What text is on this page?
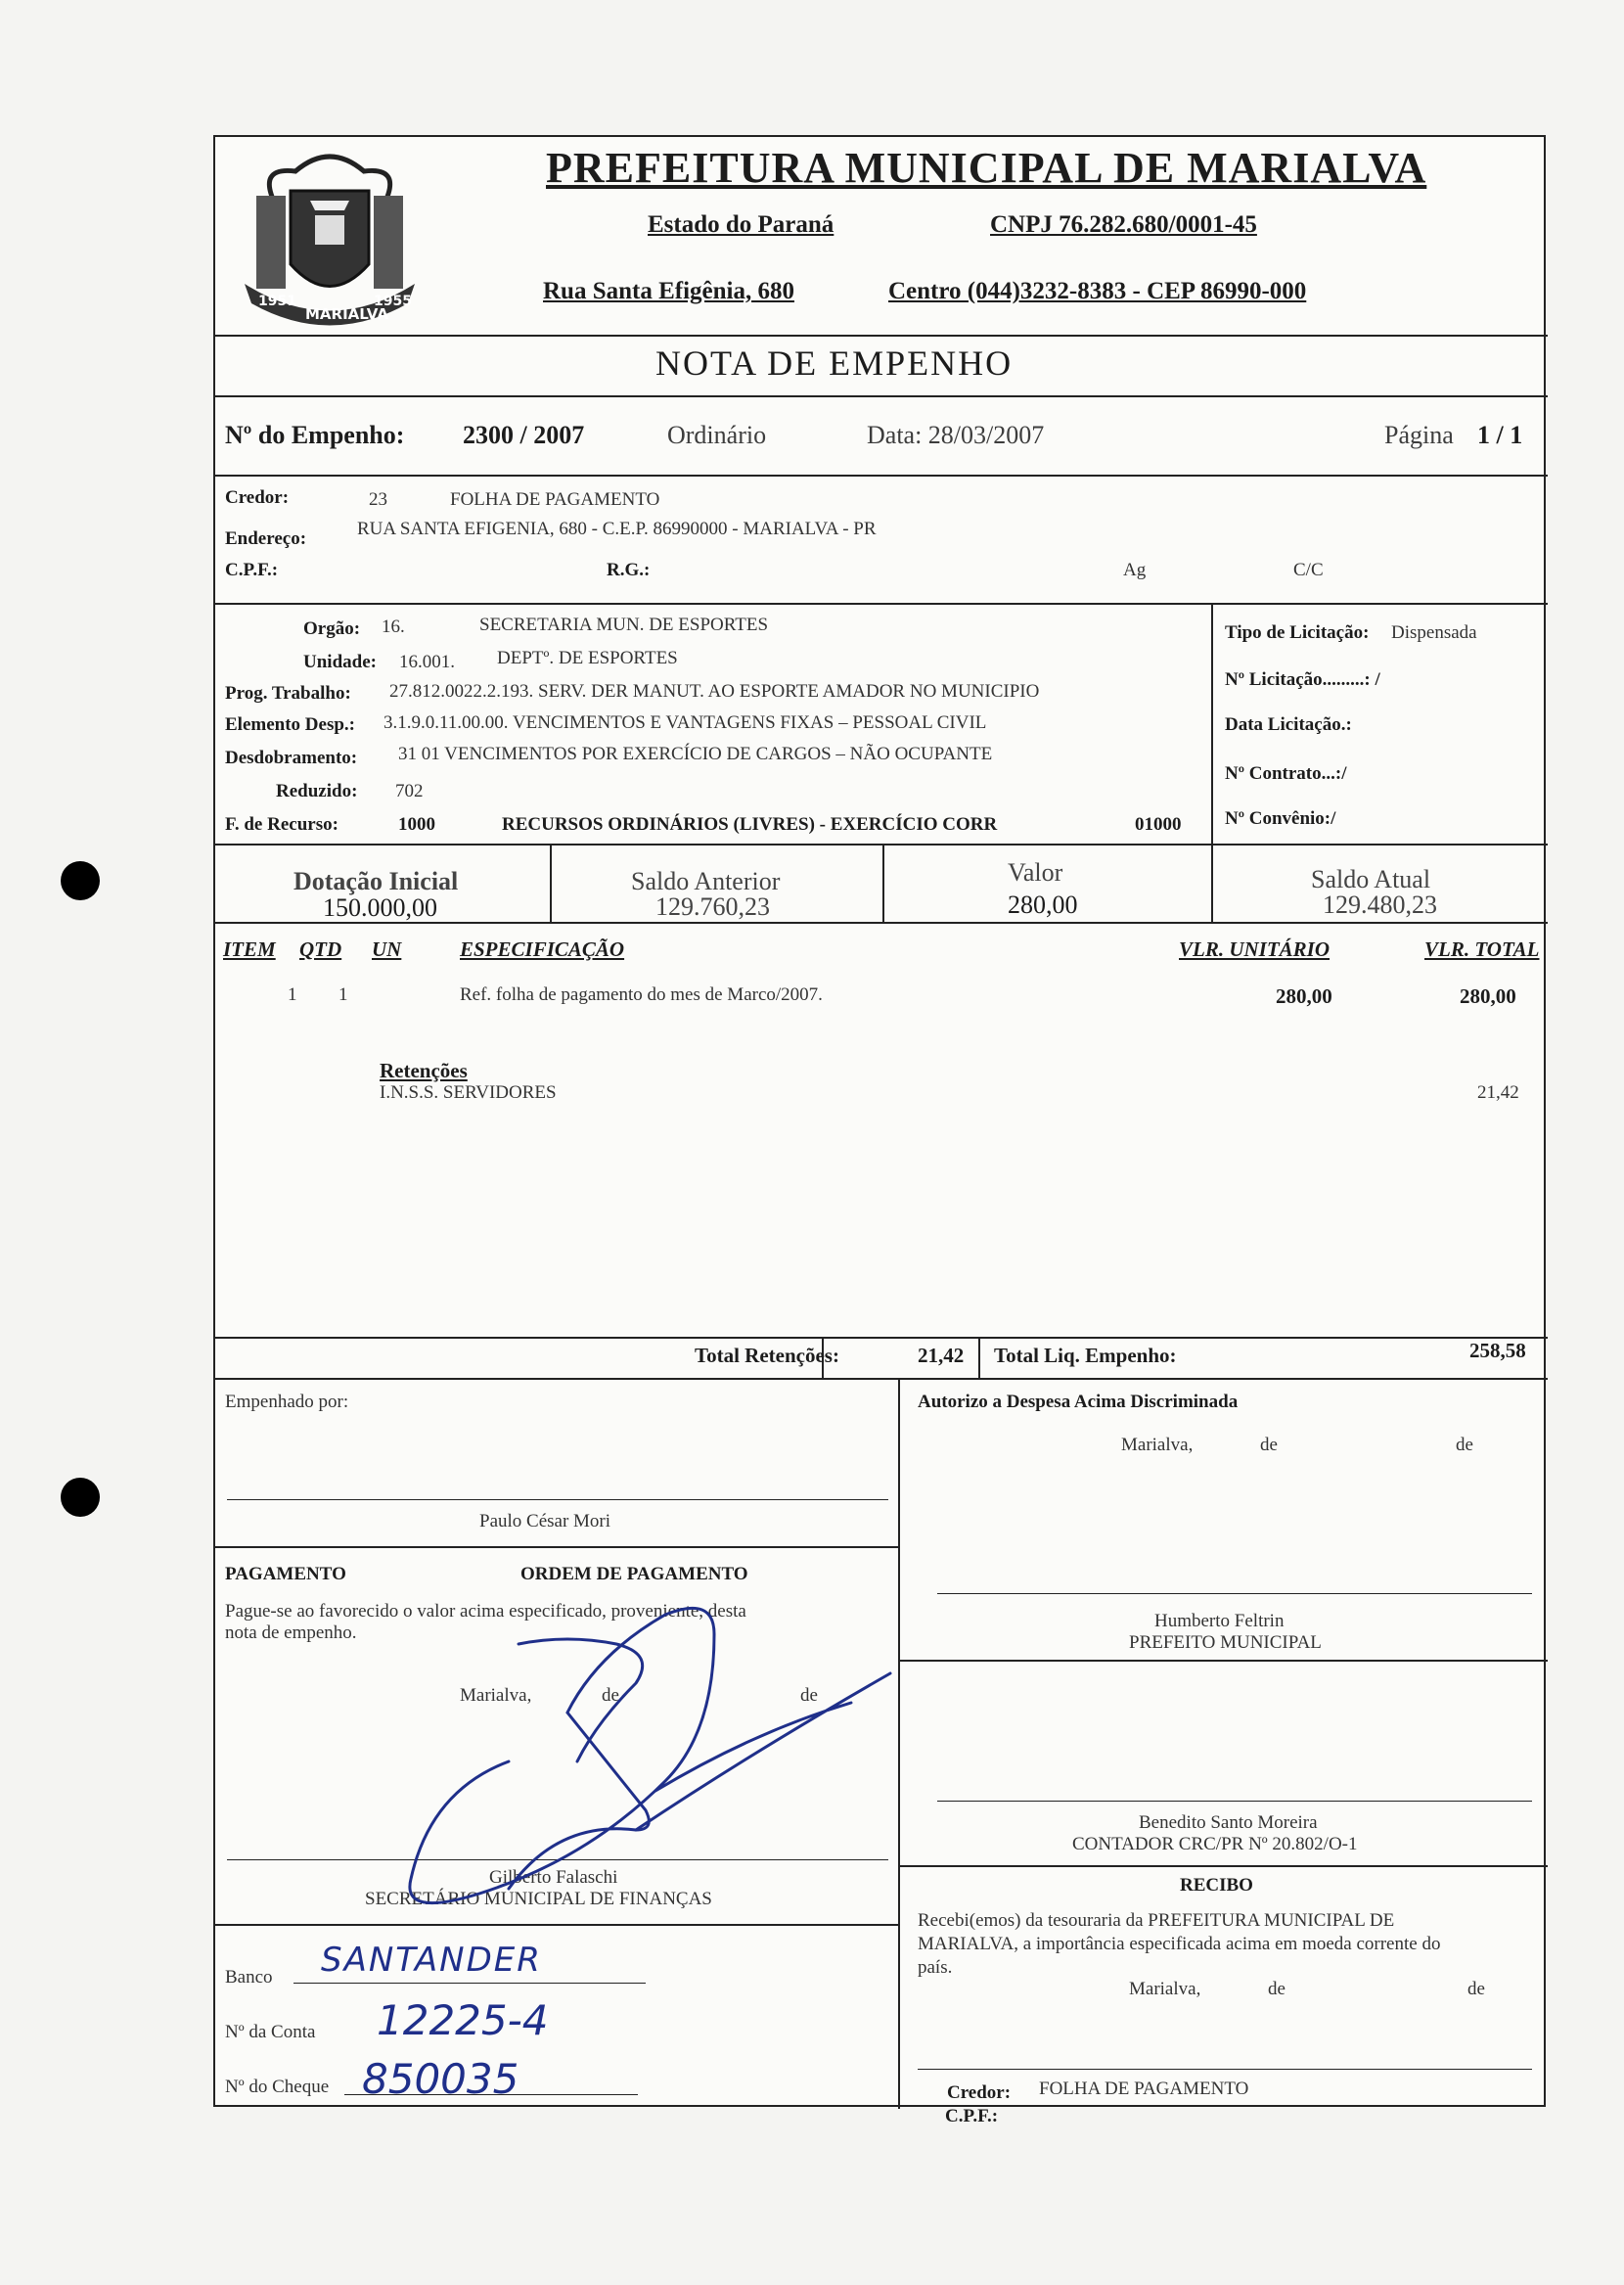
1951
MARIALVA
1955
PREFEITURA MUNICIPAL DE MARIALVA
Estado do Paraná	CNPJ 76.282.680/0001-45
Rua Santa Efigênia, 680	Centro (044)3232-8383 - CEP 86990-000
NOTA DE EMPENHO
Nº do Empenho: 2300 / 2007	Ordinário	Data: 28/03/2007	Página 1 / 1
Credor:	23	FOLHA DE PAGAMENTO
Endereço:	RUA SANTA EFIGENIA, 680 - C.E.P. 86990000 - MARIALVA - PR
C.P.F.:	R.G.:	Ag	C/C
Orgão: 16.	SECRETARIA MUN. DE ESPORTES
Unidade: 16.001. DEPTº. DE ESPORTES
Prog. Trabalho: 27.812.0022.2.193. SERV. DER MANUT. AO ESPORTE AMADOR NO MUNICIPIO
Elemento Desp.: 3.1.9.0.11.00.00. VENCIMENTOS E VANTAGENS FIXAS – PESSOAL CIVIL
Desdobramento: 31 01 VENCIMENTOS POR EXERCÍCIO DE CARGOS – NÃO OCUPANTE
Reduzido: 702
F. de Recurso:	1000	RECURSOS ORDINÁRIOS (LIVRES) - EXERCÍCIO CORR	01000
Tipo de Licitação: Dispensada
Nº Licitação.........: /
Data Licitação.:
Nº Contrato...:/
Nº Convênio:/
Dotação Inicial
150.000,00
Saldo Anterior
129.760,23
Valor
280,00
Saldo Atual
129.480,23
ITEM QTD UN	ESPECIFICAÇÃO	VLR. UNITÁRIO	VLR. TOTAL
1 1	Ref. folha de pagamento do mes de Marco/2007.	280,00	280,00
Retenções
I.N.S.S. SERVIDORES	21,42
Total Retenções:	21,42 Total Liq. Empenho:	258,58
Empenhado por:
Paulo César Mori
PAGAMENTO	ORDEM DE PAGAMENTO
Pague-se ao favorecido o valor acima especificado, proveniente, desta
nota de empenho.
Marialva,	de	de
Gilberto Falaschi
SECRETÁRIO MUNICIPAL DE FINANÇAS
Banco SANTANDER
Nº da Conta 12225-4
Nº do Cheque 850035
Autorizo a Despesa Acima Discriminada
Marialva,	de	de
Humberto Feltrin
PREFEITO MUNICIPAL
Benedito Santo Moreira
CONTADOR CRC/PR Nº 20.802/O-1
RECIBO
Recebi(emos) da tesouraria da PREFEITURA MUNICIPAL DE
MARIALVA, a importância especificada acima em moeda corrente do
país.
Marialva,	de	de
Credor: FOLHA DE PAGAMENTO
C.P.F.:
